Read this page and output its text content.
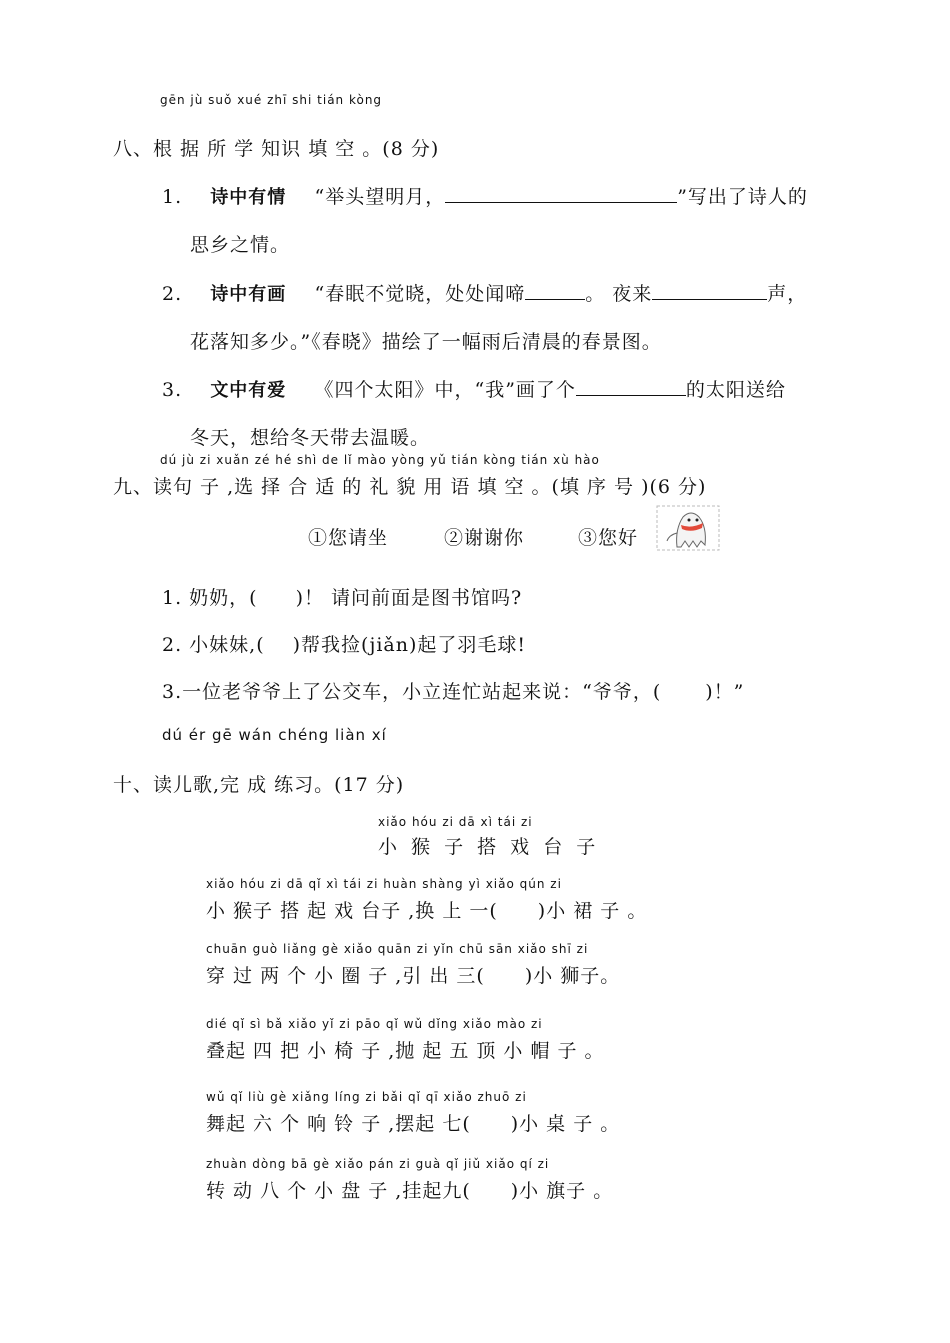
gēn jù suǒ xué zhī shi tián kòng
八、根 据 所 学 知识 填 空 。(8 分)
1. 诗中有情 “举头望明月，	”写出了诗人的
思乡之情。
2. 诗中有画 “春眠不觉晓，处处闻啼	。 夜来	声，
花落知多少。”《春晓》描绘了一幅雨后清晨的春景图。
3. 文中有爱 《四个太阳》中，“我”画了个	的太阳送给
冬天，想给冬天带去温暖。
dú jù zi xuǎn zé hé shì de lǐ mào yòng yǔ tián kòng tián xù hào
九、读句 子 ,选 择 合 适 的 礼 貌 用 语 填 空 。(填 序 号 )(6 分)
①您请坐	②谢谢你	③您好
1. 奶奶，( )！ 请问前面是图书馆吗?
2. 小妹妹,( )帮我捡(jiǎn)起了羽毛球!
3.一位老爷爷上了公交车，小立连忙站起来说：“爷爷，( )！”
dú ér gē wán chéng liàn xí
十、读儿歌,完 成 练习。(17 分)
xiǎo hóu zi dā xì tái zi
小 猴 子 搭 戏 台 子
xiǎo hóu zi dā qǐ xì tái zi huàn shàng yì xiǎo qún zi
小 猴子 搭 起 戏 台子 ,换 上 一( )小 裙 子 。
chuān guò liǎng gè xiǎo quān zi yǐn chū sān xiǎo shī zi
穿 过 两 个 小 圈 子 ,引 出 三( )小 狮子。
dié qǐ sì bǎ xiǎo yǐ zi pāo qǐ wǔ dǐng xiǎo mào zi
叠起 四 把 小 椅 子 ,抛 起 五 顶 小 帽 子 。
wǔ qǐ liù gè xiǎng líng zi bǎi qǐ qī xiǎo zhuō zi
舞起 六 个 响 铃 子 ,摆起 七( )小 桌 子 。
zhuàn dòng bā gè xiǎo pán zi guà qǐ jiǔ xiǎo qí zi
转 动 八 个 小 盘 子 ,挂起九( )小 旗子 。
